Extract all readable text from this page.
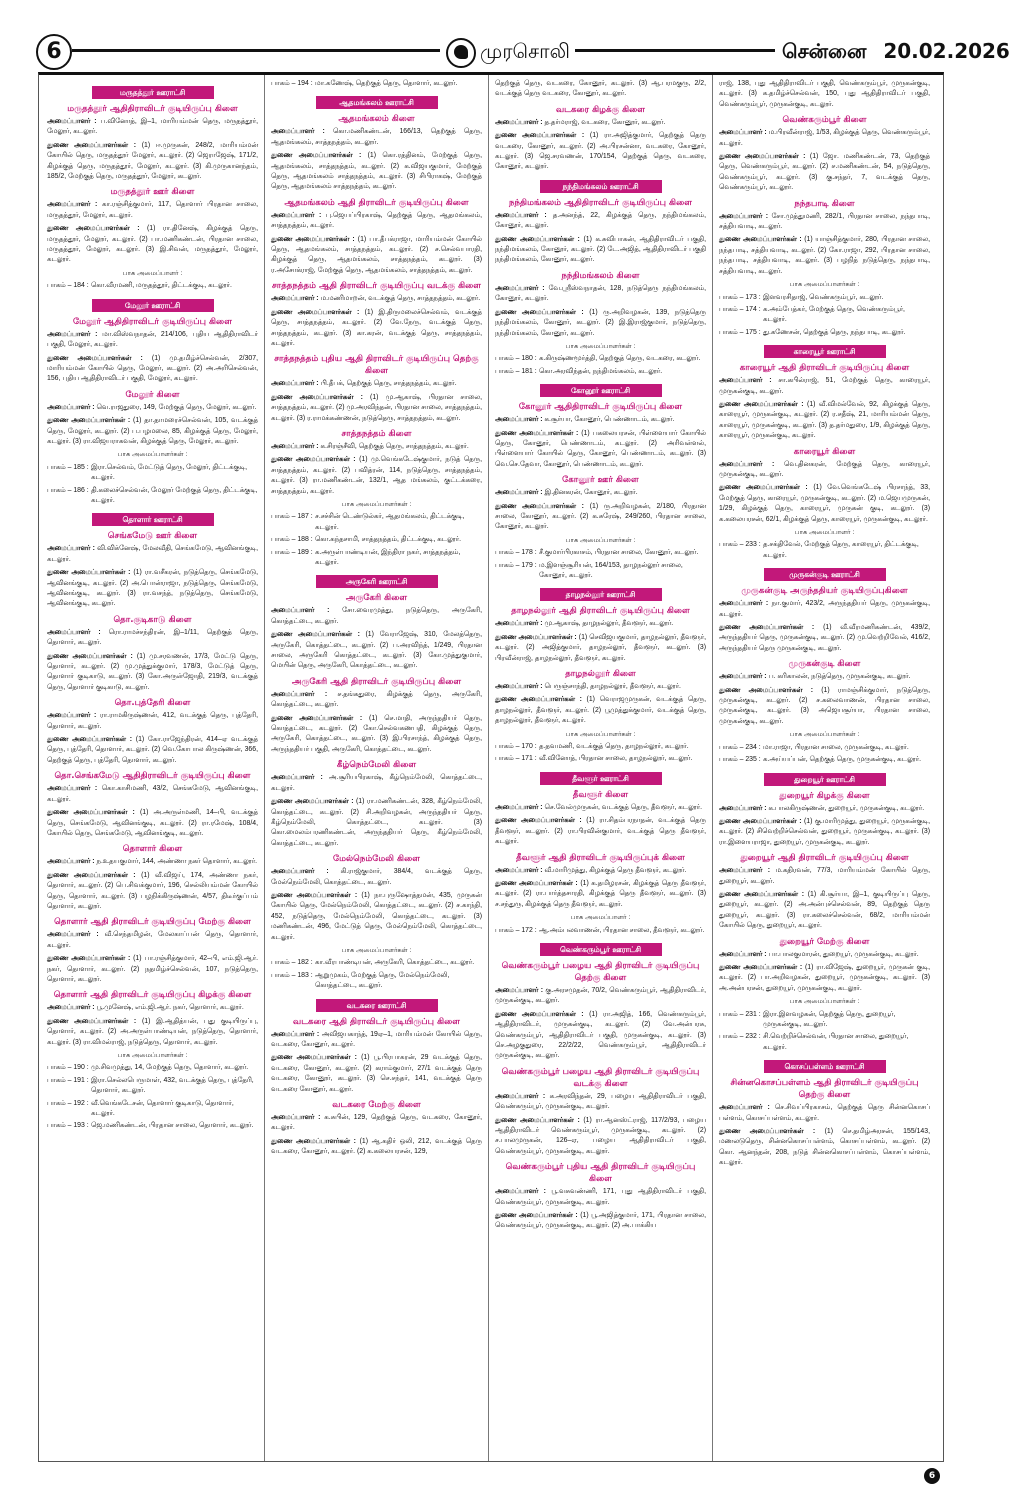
6	முரசொலி	சென்னை 20.02.2026
மருதத்தூர் ஊராட்சி
மருதத்தூர் ஆதிதிராவிடர் குடியிருப்பு கிளை

அமைப்பாளர் : ப.வினோத், இ–1, மாரியம்மன் தெரு, மருதத்தூர், மேலூர், கடலூர்.

துணை அமைப்பாளர்கள் : (1) ஈ.முருகன், 248/2, மாரியம்மன் கோயில் தெரு, மருதத்தூர் மேலூர், கடலூர். (2) ஜெராஜேஷ், 171/2, கிழக்குத் தெரு, மருதத்தூர், மேலூர், கடலூர். (3) கி.முருகானந்தம், 185/2, மேற்குத் தெரு, மருதத்தூர், மேலூர், கடலூர்.

மருதத்தூர் ஊர் கிளை

அமைப்பாளர் : கா.ரஞ்சித்குமார், 117, தொளார் பிரதான சாலை, மருதத்தூர், மேலூர், கடலூர்.

துணை அமைப்பாளர்கள் : (1) ரா.தினேஷ், கிழக்குத் தெரு, மருதத்தூர், மேலூர், கடலூர். (2) பா.மணிகண்டன், பிரதான சாலை, மருதத்தூர், மேலூர், கடலூர். (3) இ.சிவன், மருதத்தூர், மேலூர், கடலூர்.

பாக அமைப்பாளர் :
பாகம் – 184 : கொ.வீரமணி, மருதத்தூர், திட்டக்குடி, கடலூர்.
மேலூர் ஊராட்சி
மேலூர் ஆதிதிராவிடர் குடியிருப்பு கிளை

அமைப்பாளர் : மா.விஸ்வநாதன், 214/106, புதிய ஆதிதிராவிடர் பகுதி, மேலூர், கடலூர்.

துணை அமைப்பாளர்கள் : (1) மு.தமிழ்ச்செல்வன், 2/307, மாரியம்மன் கோயில் தெரு, மேலூர், கடலூர். (2) அ.அரிசெல்வன், 156, புதிய ஆதிதிராவிடர் பகுதி, மேலூர், கடலூர்.

மேலூர் கிளை

அமைப்பாளர் : வெ.ராஜதுரை, 149, மேற்குத் தெரு, மேலூர், கடலூர்.

துணை அமைப்பாளர்கள் : (1) தா.தாமரைச்செல்வன், 105, வடக்குத் தெரு, மேலூர், கடலூர். (2) ப.பழமலை, 85, கிழக்குத் தெரு, மேலூர், கடலூர். (3) ரா.விஜயராகவன், கிழக்குத் தெரு, மேலூர், கடலூர்.

பாக அமைப்பாளர்கள் :
பாகம் – 185 : இரா.செல்வம், மேட்டுத் தெரு, மேலூர், திட்டக்குடி, கடலூர்.
பாகம் – 186 : தி.கலைச்செல்வன், மேலூர் மேற்குத் தெரு, திட்டக்குடி, கடலூர்.
தொளார் ஊராட்சி
செங்கமேடு ஊர் கிளை

அமைப்பாளர் : வி.விக்னேஷ், மேலவீதி, செங்கமேடு, ஆவினங்குடி, கடலூர்.

துணை அமைப்பாளர்கள் : (1) ரா.வசீகரன், நடுத்தெரு, செங்கமேடு, ஆவினங்குடி, கடலூர். (2) அ.பொன்ராஜா, நடுத்தெரு, செங்கமேடு, ஆவினங்குடி, கடலூர். (3) ரா.வசந்த், நடுத்தெரு, செங்கமேடு, ஆவினங்குடி, கடலூர்.

தொ.குடிகாடு கிளை

அமைப்பாளர் : ரொ.ராமச்சந்திரன், இ–1/11, தெற்குத் தெரு, தொளார், கடலூர்.

துணை அமைப்பாளர்கள் : (1) மு.சரவணன், 17/3, மேட்டு தெரு, தொளார், கடலூர். (2) மு.முத்துக்குமார், 178/3, மேட்டுத் தெரு, தொளார் குடிகாடு, கடலூர். (3) கோ.அருள்ஜோதி, 219/3, வடக்குத் தெரு, தொளார் குடிகாடு, கடலூர்.

தொ.புத்தேரி கிளை

அமைப்பாளர் : ரா.ராமகிருஷ்ணன், 412, வடக்குத் தெரு, புத்தேரி, தொளார், கடலூர்.

துணை அமைப்பாளர்கள் : (1) கோ.ராஜேந்திரன், 414–ஏ வடக்குத் தெரு, புத்தேரி, தொளார், கடலூர். (2) வெ.கோபால கிருஷ்ணன், 366, தெற்குத் தெரு, புத்தேரி, தொளார், கடலூர்.

தொ.செங்கமேடு ஆதிதிராவிடர் குடியிருப்பு கிளை

அமைப்பாளர் : கொ.காசிமணி, 43/2, செங்கமேடு, ஆவினங்குடி, கடலூர்.

துணை அமைப்பாளர்கள் : (1) அ.அருள்மணி, 14–பி, வடக்குத் தெரு, செங்கமேடு, ஆவினங்குடி, கடலூர். (2) ரா.ரமேஷ், 108/4, கோயில் தெரு, செங்கமேடு, ஆவினங்குடி, கடலூர்.

தொளார் கிளை

அமைப்பாளர் : ந.உதயகுமார், 144, அண்ணா நகர் தொளார், கடலூர்.

துணை அமைப்பாளர்கள் : (1) வீ.விஜய், 174, அண்ணா நகர், தொளார், கடலூர். (2) பெ.சிவக்குமார், 196, செல்லியம்மன் கோயில் தெரு, தொளார், கடலூர். (3) பழநிக்கிருஷ்ணன், 4/57, திடீர்குப்பம் தொளார், கடலூர்.

தொளார் ஆதி திராவிடர் குடியிருப்பு மேற்கு கிளை

அமைப்பாளர் : வீ.செந்தமிழன், மேலகாப்பன் தெரு, தொளார், கடலூர்.

துணை அமைப்பாளர்கள் : (1) பா.ரஞ்சித்குமார், 42–பி, எம்.ஜி.ஆர். நகர், தொளார், கடலூர். (2) நதமிழ்ச்செல்வன், 107, நடுத்தெரு, தொளார், கடலூர்.

தொளார் ஆதி திராவிடர் குடியிருப்பு கிழக்கு கிளை

அமைப்பாளர் : பூ.முனேஷ், எம்.ஜி.ஆர். நகர், தொளார், கடலூர்.

துணை அமைப்பாளர்கள் : (1) இ.ஆதித்யன், புது குடியிருப்பு, தொளார், கடலூர். (2) அ.அருள்பாண்டியன், நடுத்தெரு, தொளார், கடலூர். (3) ரா.விமல்ராஜ், நடுத்தெரு, தொளார், கடலூர்.

பாக அமைப்பாளர்கள் :
பாகம் – 190 : மு.சிவமுத்து, 14, மேற்குத் தெரு, தொளார், கடலூர்.
பாகம் – 191 : இரா.செல்லபெருமாள், 432, வடக்குத் தெரு, புத்தேரி, தொளார், கடலூர்.
பாகம் – 192 : வீ.வெங்கடேசன், தொளார் குடிகாடு, தொளார், கடலூர்.
பாகம் – 193 : ஜெ.மணிகண்டன், பிரதான சாலை, தொளார், கடலூர்.
பாகம் – 194 : மா.கணேஷ், தெற்குத் தெரு, தொளார், கடலூர்.
ஆதமங்கலம் ஊராட்சி
ஆதமங்கலம் கிளை

அமைப்பாளர் : கொ.மணிகண்டன், 166/13, தெற்குத் தெரு, ஆதமங்கலம், சாத்தநத்தம், கடலூர்.

துணை அமைப்பாளர்கள் : (1) கொ.ரத்தினம், மேற்குத் தெரு, ஆதமங்கலம், சாத்தநத்தம், கடலூர். (2) க.விஜயகுமார், மேற்குத் தெரு, ஆதமங்கலம் சாத்தநத்தம், கடலூர். (3) சிபிராகஷ், மேற்குத் தெரு, ஆதமங்கலம் சாத்தநத்தம், கடலூர்.

ஆதமங்கலம் ஆதி திராவிடர் குடியிருப்பு கிளை

அமைப்பாளர் : பு.ஜெயப்பிரகாஷ், தெற்குத் தெரு, ஆதமங்கலம், சாத்தநத்தம், கடலூர்.

துணை அமைப்பாளர்கள் : (1) பா.தீபக்ராஜா, மாரியம்மன் கோயில் தெரு, ஆதமங்கலம், சாத்தநத்தம், கடலூர். (2) ச.செல்வபாரதி, கிழக்குத் தெரு, ஆதமங்கலம், சாத்தநத்தம், கடலூர். (3) ர.அசோக்ராஜ், மேற்குத் தெரு, ஆதமங்கலம், சாத்தநத்தம், கடலூர்.

சாத்தநத்தம் ஆதி திராவிடர் குடியிருப்பு வடக்கு கிளை

அமைப்பாளர் : ம.மணிமாறன், வடக்குத் தெரு, சாத்தநத்தம், கடலூர்.

துணை அமைப்பாளர்கள் : (1) இ.திருமலைச்செல்வம், வடக்குத் தெரு, சாத்தநத்தம், கடலூர். (2) வே.நேரு, வடக்குத் தெரு, சாத்தநத்தம், கடலூர். (3) கா.கரன், வடக்குத் தெரு, சாத்தநத்தம், கடலூர்.

சாத்தநத்தம் புதிய ஆதி திராவிடர் குடியிருப்பு தெற்கு கிளை

அமைப்பாளர் : பி.தீபக், தெற்குத் தெரு, சாத்தநத்தம், கடலூர்.

துணை அமைப்பாளர்கள் : (1) மு.ஆகாஷ், பிரதான சாலை, சாத்தநத்தம், கடலூர். (2) மு.அரவிந்தன், பிரதான சாலை, சாத்தநத்தம், கடலூர். (3) ர.ராமக்கண்ணன், நடுத்தெரு, சாத்தநத்தம், கடலூர்.

சாத்தநத்தம் கிளை

அமைப்பாளர் : க.சிரஞ்சீவி, தெற்குத் தெரு, சாத்தநத்தம், கடலூர்.

துணை அமைப்பாளர்கள் : (1) மு.வெங்கடேஷ்குமார், நடுத் தெரு, சாத்தநத்தம், கடலூர். (2) பவித்ரன், 114, நடுத்தெரு, சாத்தநத்தம், கடலூர். (3) ரா.மணிகண்டன், 132/1, ஆத மங்கலம், குட்டக்கரை, சாத்தநத்தம், கடலூர்.

பாக அமைப்பாளர்கள் :
பாகம் – 187 : ச.சச்சின் டெண்டுல்கர், ஆதமங்கலம், திட்டக்குடி, கடலூர்.
பாகம் – 188 : கொ.கந்தசாமி, சாத்தநத்தம், திட்டக்குடி, கடலூர்.
பாகம் – 189 : க.அருள்பாண்டியன், இந்திரா நகர், சாத்தநத்தம், கடலூர்.
அருகேரி ஊராட்சி
அருகேரி கிளை

அமைப்பாளர் : சோ.வைரமுத்து, நடுத்தெரு, அருகேரி, கொத்தட்டை, கடலூர்.

துணை அமைப்பாளர்கள் : (1) வேராஜேஷ், 310, மேலத்தெரு, அருகேரி, கொத்தட்டை, கடலூர். (2) ப.அரவிந்த், 1/249, பிரதான சாலை, அருகேரி கொத்தட்டை, கடலூர். (3) கோ.முத்துகுமார், மெயின் தெரு, அருகேரி, கொத்தட்டை, கடலூர்.

அருகேரி ஆதி திராவிடர் குடியிருப்பு கிளை

அமைப்பாளர் : ச.தங்கதுரை, கிழக்குத் தெரு, அருகேரி, கொத்தட்டை, கடலூர்.

துணை அமைப்பாளர்கள் : (1) செ.மாதி, அருந்ததியர் தெரு, கொத்தட்டை, கடலூர். (2) கோ.செல்வகணபதி, கிழக்குத் தெரு, அருகேரி, கொத்தட்டை, கடலூர். (3) இ.பிரசாந்த், கிழக்குத் தெரு, அருந்ததியர் பகுதி, அருகேரி, கொத்தட்டை, கடலூர்.

கீழ்நெம்மேலி கிளை

அமைப்பாளர் : அ.சூரியபிரகாஷ், கீழ்நெம்மேலி, கொத்தட்டை, கடலூர்.

துணை அமைப்பாளர்கள் : (1) ரா.மணிகண்டன், 328, கீழ்நெம்மேலி, கொத்தட்டை, கடலூர். (2) சி.அறிவழகன், அருந்ததியர் தெரு, கீழ்நெம்மேலி, கொத்தட்டை, கடலூர். (3) கொ.மைலம்பரணிகண்டன், அருந்ததியர் தெரு, கீழ்நெம்மேலி, கொத்தட்டை, கடலூர்.

மேல்நெம்மேலி கிளை

அமைப்பாளர் : கி.ராஜ்குமார், 384/4, வடக்குத் தெரு, மேல்நெம்மேலி, கொத்தட்டை, கடலூர்.

துணை அமைப்பாளர்கள் : (1) நா.புருஷோத்தமன், 435, முருகன் கோயில் தெரு, மேல்நெம்மேலி, கொத்தட்டை, கடலூர். (2) ச.காந்தி, 452, நடுத்தெரு, மேல்நெம்மேலி, கொத்தட்டை, கடலூர். (3) மணிகண்டன், 496, மேட்டுத் தெரு, மேல்நெம்மேலி, கொத்தட்டை, கடலூர்.

பாக அமைப்பாளர்கள் :
பாகம் – 182 : கா.வீரபாண்டியன், அருகேரி, கொத்தட்டை, கடலூர்.
பாகம் – 183 : ஆறுமுகம், மேற்குத் தெரு, மேல்நெம்மேலி, கொத்தட்டை, கடலூர்.
வடகரை ஊராட்சி
வடகரை ஆதி திராவிடர் குடியிருப்பு கிளை

அமைப்பாளர் : அவிஜயகாந்த், 19ஏ–1, மாரியம்மன் கோயில் தெரு, வடகரை, கோனூர், கடலூர்.

துணை அமைப்பாளர்கள் : (1) பூ.பிரபாகரன், 29 வடக்குத் தெரு, வடகரை, கோனூர், கடலூர். (2) கராம்குமார், 27/1 வடக்குத் தெரு வடகரை, கோனூர், கடலூர். (3) செ.சந்தர், 141, வடக்குத் தெரு வடகரை கோனூர், கடலூர்.

வடகரை மேற்கு கிளை

அமைப்பாளர் : க.சுபின், 129, தெற்குத் தெரு, வடகரை, கோனூர், கடலூர்.

துணை அமைப்பாளர்கள் : (1) ஆ.கதிர் ஒலி, 212, வடக்குத் தெரு வடகரை, கோனூர், கடலூர். (2) க.கலையரசன், 129,

தெற்குத் தெரு, வடகரை, கோனூர், கடலூர். (3) ஆ.பரமகுரு, 2/2, வடக்குத் தெரு வடகரை, கோனூர், கடலூர்.

வடகரை கிழக்கு கிளை

அமைப்பாளர் : த.தர்மராஜ், வடகரை, கோனூர், கடலூர்.

துணை அமைப்பாளர்கள் : (1) ரா.அஜித்குமார், தெற்குத் தெரு வடகரை, கோனூர், கடலூர். (2) அ.பிரசன்னா, வடகரை, கோனூர், கடலூர். (3) ஜெ.சரவணன், 170/154, தெற்குத் தெரு, வடகரை, கோனூர், கடலூர்.

நந்திமங்கலம் ஊராட்சி
நந்திமங்கலம் ஆதிதிராவிடர் குடியிருப்பு கிளை

அமைப்பாளர் : த.அனந்த், 22, கிழக்குத் தெரு, நந்திமங்கலம், கோனூர், கடலூர்.

துணை அமைப்பாளர்கள் : (1) க.சுவிபாகன், ஆதிதிராவிடர் பகுதி, நந்திமங்கலம், கோனூர், கடலூர். (2) டே.அஜித், ஆதிதிராவிடர் பகுதி நந்திமங்கலம், கோனூர், கடலூர்.

நந்திமங்கலம் கிளை

அமைப்பாளர் : வே.ஸ்ரீஸ்வநாதன், 128, நடுத்தெரு நந்திமங்கலம், கோனூர், கடலூர்.

துணை அமைப்பாளர்கள் : (1) ரு.அறிவழகன், 139, நடுத்தெரு நந்திமங்கலம், கோனூர், கடலூர். (2) இ.இராஜ்குமார், நடுத்தெரு, நந்திமங்கலம், கோனூர், கடலூர்.

பாக அமைப்பாளர்கள் :
பாகம் – 180 : க.கிருஷ்ணமூர்த்தி, தெற்குத் தெரு, வடகரை, கடலூர்.
பாகம் – 181 : கொ.அரவிந்தன், நந்திமங்கலம், கடலூர்.
கோனூர் ஊராட்சி
கோனூர் ஆதிதிராவிடர் குடியிருப்பு கிளை

அமைப்பாளர் : க.சூர்யா, கோனூர், பெண்ணாடம், கடலூர்.

துணை அமைப்பாளர்கள் : (1) பகலையரசன், பிள்ளையார் கோயில் தெரு, கோனூர், பெண்ணாடம், கடலூர். (2) அரிவள்ளல், பிள்ளையார் கோயில் தெரு, கோனூர், பெண்ணாடம், கடலூர். (3) வெ.செ.தேவா, கோனூர், பெண்ணாடம், கடலூர்.

கோனூர் ஊர் கிளை

அமைப்பாளர் : இ.தினகரன், கோனூர், கடலூர்.

துணை அமைப்பாளர்கள் : (1) ரு.அறிவழகன், 2/180, பிரதான சாலை, கோனூர், கடலூர். (2) க.சுரேஷ், 249/260, பிரதான சாலை, கோனூர், கடலூர்.

பாக அமைப்பாளர்கள் :
பாகம் – 178 : சீ.குமார்பிரகாசம், பிரதான சாலை, கோனூர், கடலூர்.
பாகம் – 179 : ம.இளஞ்சூரியன், 164/153, தாழநல்லூர் சாலை, கோனூர், கடலூர்.
தாழநல்லூர் ஊராட்சி
தாழநல்லூர் ஆதி திராவிடர் குடியிருப்பு கிளை

அமைப்பாளர் : மு.ஆகாஷ், தாழநல்லூர், தீவளூர், கடலூர்.

துணை அமைப்பாளர்கள் : (1) செவிஜயகுமார், தாழநல்லூர், தீவளூர், கடலூர். (2) அஜித்குமார், தாழநல்லூர், தீவளூர், கடலூர். (3) பிரவீன்ராஜ், தாழநல்லூர், தீவளூர், கடலூர்.

தாழநல்லூர் கிளை

அமைப்பாளர் : பெருஞ்சாந்தி, தாழநல்லூர், தீவளூர், கடலூர்.

துணை அமைப்பாளர்கள் : (1) வெராஜமுருகன், வடக்குத் தெரு, தாழநல்லூர், தீவளூர், கடலூர். (2) பூமுத்துக்குமார், வடக்குத் தெரு, தாழநல்லூர், தீவளூர், கடலூர்.

பாக அமைப்பாளர்கள் :
பாகம் – 170 : த.தவமணி, வடக்குத் தெரு, தாழநல்லூர், கடலூர்.
பாகம் – 171 : வீ.வினோத், பிரதான சாலை, தாழநல்லூர், கடலூர்.
தீவளூர் ஊராட்சி
தீவளூர் கிளை

அமைப்பாளர் : செ.வேல்முருகன், வடக்குத் தெரு, தீவளூர், கடலூர்.

துணை அமைப்பாளர்கள் : (1) ரா.சிதம்பரநாதன், வடக்குத் தெரு தீவளூர், கடலூர். (2) ரா.பிரவின்குமார், வடக்குத் தெரு தீவளூர், கடலூர்.

தீவளூர் ஆதி திராவிடர் குடியிருப்புக் கிளை

அமைப்பாளர் : வீ.மாரிமுத்து, கிழக்குத் தெரு தீவளூர், கடலூர்.

துணை அமைப்பாளர்கள் : (1) க.தமிழரசன், கிழக்குத் தெரு தீவளூர், கடலூர். (2) ரா.பார்த்தசாரதி, கிழக்குத் தெரு தீவளூர், கடலூர். (3) ச.சந்துரு, கிழக்குத் தெரு தீவளூர், கடலூர்.

பாக அமைப்பாளர் :
பாகம் – 172 : ஆ.அம்பலவாணன், பிரதான சாலை, தீவளூர், கடலூர்.
வெண்கரும்பூர் ஊராட்சி
வெண்கரும்பூர் பழைய ஆதி திராவிடர் குடியிருப்பு தெற்கு கிளை

அமைப்பாளர் : கு.அரசமுதன், 70/2, வெண்கரும்பூர், ஆதிதிராவிடர், முருகன்குடி, கடலூர்.

துணை அமைப்பாளர்கள் : (1) ரா.அஜித், 166, வெண்கரும்பூர், ஆதிதிராவிடர், முருகன்குடி, கடலூர். (2) வே.அன்பரசு, வெண்கரும்பூர், ஆதிதிராவிடர் பகுதி, முருகன்குடி, கடலூர். (3) செ.அழகுதுரை, 22/2/22, வெண்கரும்பூர், ஆதிதிராவிடர் முருகன்குடி, கடலூர்.

வெண்கரும்பூர் பழைய ஆதி திராவிடர் குடியிருப்பு வடக்கு கிளை

அமைப்பாளர் : க.அரவிந்தன், 29, பழைய ஆதிதிராவிடர் பகுதி, வெண்கரும்பூர், முருகன்குடி, கடலூர்.

துணை அமைப்பாளர்கள் : (1) ரா.ஆனஸ்ட்ராஜ், 117/2/93, பழைய ஆதிதிராவிடர் வெண்கரும்பூர், முருகன்குடி, கடலூர். (2) ச.பாலமுருகன், 126–ஏ, பழைய ஆதிதிராவிடர் பகுதி, வெண்கரும்பூர், முருகன்குடி, கடலூர்.

வெண்கரும்பூர் புதிய ஆதி திராவிடர் குடியிருப்பு கிளை

அமைப்பாளர் : பூ.வசுவண்ணி, 171, புது ஆதிதிராவிடர் பகுதி, வெண்கரும்பூர், முருகன்குடி, கடலூர்.

துணை அமைப்பாளர்கள் : (1) பூ.அஜித்குமார், 171, பிரதான சாலை, வெண்கரும்பூர், முருகன்குடி, கடலூர். (2) அ.பாக்கிய

ராஜ், 138, புது ஆதிதிராவிடர் பகுதி, வெண்கரும்பூர், முருகன்குடி, கடலூர். (3) க.தமிழ்ச்செல்வன், 150, புது ஆதிதிராவிடர் பகுதி, வெண்கரும்பூர், முருகன்குடி, கடலூர்.

வெண்கரும்பூர் கிளை

அமைப்பாளர் : ம.பிரவீன்ராஜ், 1/53, கிழக்குத் தெரு, வெண்கரும்பூர், கடலூர்.

துணை அமைப்பாளர்கள் : (1) ஜோ. மணிகண்டன், 73, தெற்குத் தெரு, வெண்கரும்பூர், கடலூர். (2) ச.மணிகண்டன், 54, நடுத்தெரு, வெண்கரும்பூர், கடலூர். (3) கு.சந்தர், 7, வடக்குத் தெரு, வெண்கரும்பூர், கடலூர்.

நந்தபாடி கிளை

அமைப்பாளர் : சோ.முத்துமணி, 282/1, பிரதான சாலை, நந்தபாடி, சத்தியவாடி, கடலூர்.

துணை அமைப்பாளர்கள் : (1) யாஞ்சித்குமார், 280, பிரதான சாலை, நந்தபாடி, சத்தியவாடி, கடலூர். (2) கோ.ராஜா, 292, பிரதான சாலை, நந்தபாடி, சத்தியவாடி, கடலூர். (3) பழநித் நடுத்தெரு, நந்தபாடி, சத்தியவாடி, கடலூர்.

பாக அமைப்பாளர்கள் :
பாகம் – 173 : இளவரசிதாஜ், வெண்கரும்பூர், கடலூர்.
பாகம் – 174 : க.அம்பேத்கர், மேற்குத் தெரு, வெண்கரும்பூர், கடலூர்.
பாகம் – 175 : து.கணேசன், தெற்குத் தெரு, நந்தபாடி, கடலூர்.
காரையூர் ஊராட்சி
காரையூர் ஆதி திராவிடர் குடியிருப்பு கிளை

அமைப்பாளர் : சா.கபில்ராஜ், 51, மேற்குத் தெரு, காரையூர், முருகன்குடி, கடலூர்.

துணை அமைப்பாளர்கள் : (1) வீ.விமல்வேல், 92, கிழக்குத் தெரு, காரையூர், முருகன்குடி, கடலூர். (2) ர.சதீஷ், 21, மாரியம்மன் தெரு, காரையூர், முருகன்குடி, கடலூர். (3) த.தர்மதுரை, 1/9, கிழக்குத் தெரு, காரையூர், முருகன்குடி, கடலூர்.

காரையூர் கிளை

அமைப்பாளர் : வெ.தினகரன், மேற்குத் தெரு, காரையூர், முருகன்குடி, கடலூர்.

துணை அமைப்பாளர்கள் : (1) வே.வெங்கடேஷ் பிரசாந்த், 33, மேற்குத் தெரு, காரையூர், முருகன்குடி, கடலூர். (2) ம.ஜெயமுருகன், 1/29, கிழக்குத் தெரு, காரையூர், முருகன் குடி, கடலூர். (3) க.கலையரசன், 62/1, கிழக்குத் தெரு, காரையூர், முருகன்குடி, கடலூர்.

பாக அமைப்பாளர் :
பாகம் – 233 : த.சக்திவேல், மேற்குத் தெரு, காரையூர், திட்டக்குடி, கடலூர்.
முருகன்குடி ஊராட்சி
முருகன்குடி அருந்ததியர் குடியிருப்புகிளை

அமைப்பாளர் : நா.குமார், 423/2, அருந்ததியர் தெரு, முருகன்குடி, கடலூர்.

துணை அமைப்பாளர்கள் : (1) வீ.வீரமணிகண்டன், 439/2, அருந்ததியர் தெரு, முருகன்குடி, கடலூர். (2) மு.வெற்றிவேல், 416/2, அருந்ததியர் தெரு முருகன்குடி, கடலூர்.

முருகன்குடி கிளை

அமைப்பாளர் : ப. கரிகாலன், நடுத்தெரு, முருகன்குடி, கடலூர்.

துணை அமைப்பாளர்கள் : (1) ராமஞ்சிக்குமார், நடுத்தெரு, முருகன்குடி, கடலூர். (2) ச.கலைவாணன், பிரதான சாலை, முருகன்குடி, கடலூர். (3) அஜெயசூர்யா, பிரதான சாலை, முருகன்குடி, கடலூர்.

பாக அமைப்பாளர்கள் :
பாகம் – 234 : மா.ராஜா, பிரதான சாலை, முருகன்குடி, கடலூர்.
பாகம் – 235 : க.அய்யப்பன், தெற்குத் தெரு, முருகன்குடி, கடலூர்.
துறையூர் ஊராட்சி
துறையூர் கிழக்கு கிளை

அமைப்பாளர் : க.பாலகிருஷ்ணன், துறையூர், முருகன்குடி, கடலூர்.

துணை அமைப்பாளர்கள் : (1) கு.மாரிமுத்து, துறையூர், முருகன்குடி, கடலூர். (2) சிவெற்றிச்செல்வன், துறையூர், முருகன்குடி, கடலூர். (3) ரா.இளையராஜா, துறையூர், முருகன்குடி, கடலூர்.

துறையூர் ஆதி திராவிடர் குடியிருப்பு கிளை

அமைப்பாளர் : ம.கதிரவன், 77/3, மாரியம்மன் கோயில் தெரு, துறையூர், கடலூர்.

துணை அமைப்பாளர்கள் : (1) கி.சூர்யா, இ–1, குடியிருப்பு தெரு, துறையூர், கடலூர். (2) அ.அன்புச்செல்வன், 89, தெற்குத் தெரு துறையூர், கடலூர். (3) ரா.கலைச்செல்வன், 68/2, மாரியம்மன் கோயில் தெரு, துறையூர், கடலூர்.

துறையூர் மேற்கு கிளை

அமைப்பாளர் : பா.பாலகுமாரன், துறையூர், முருகன்குடி, கடலூர்.

துணை அமைப்பாளர்கள் : (1) ரா.விஜேஷ், துறையூர், முருகன் குடி, கடலூர். (2) பா.அறிவழகன், துறையூர், முருகன்குடி, கடலூர். (3) அ.அன்பரசன், துறையூர், முருகன்குடி, கடலூர்.

பாக அமைப்பாளர்கள் :
பாகம் – 231 : இரா.இளவழகன், தெற்குத் தெரு, துறையூர், முருகன்குடி, கடலூர்.
பாகம் – 232 : சி.வெற்றிச்செல்வன், பிரதான சாலை, துறையூர், கடலூர்.
கொசப்பள்ளம் ஊராட்சி
சின்னகொசப்பள்ளம் ஆதி திராவிடர் குடியிருப்பு தெற்கு கிளை

அமைப்பாளர் : செ.சிவப்பிரகாசம், தெற்குத் தெரு சின்னகொசப் பள்ளம், கொசப்பள்ளம், கடலூர்.

துணை அமைப்பாளர்கள் : (1) செ.தமிழ்அரசன், 155/143, மணலடுதெரு, சின்னகொசப்பள்ளம், கொசப்பள்ளம், கடலூர். (2) கொ. ஆனந்தன், 208, நடுத் சின்னகொசப்பள்ளம், கொசப்பள்ளம், கடலூர்.

6
